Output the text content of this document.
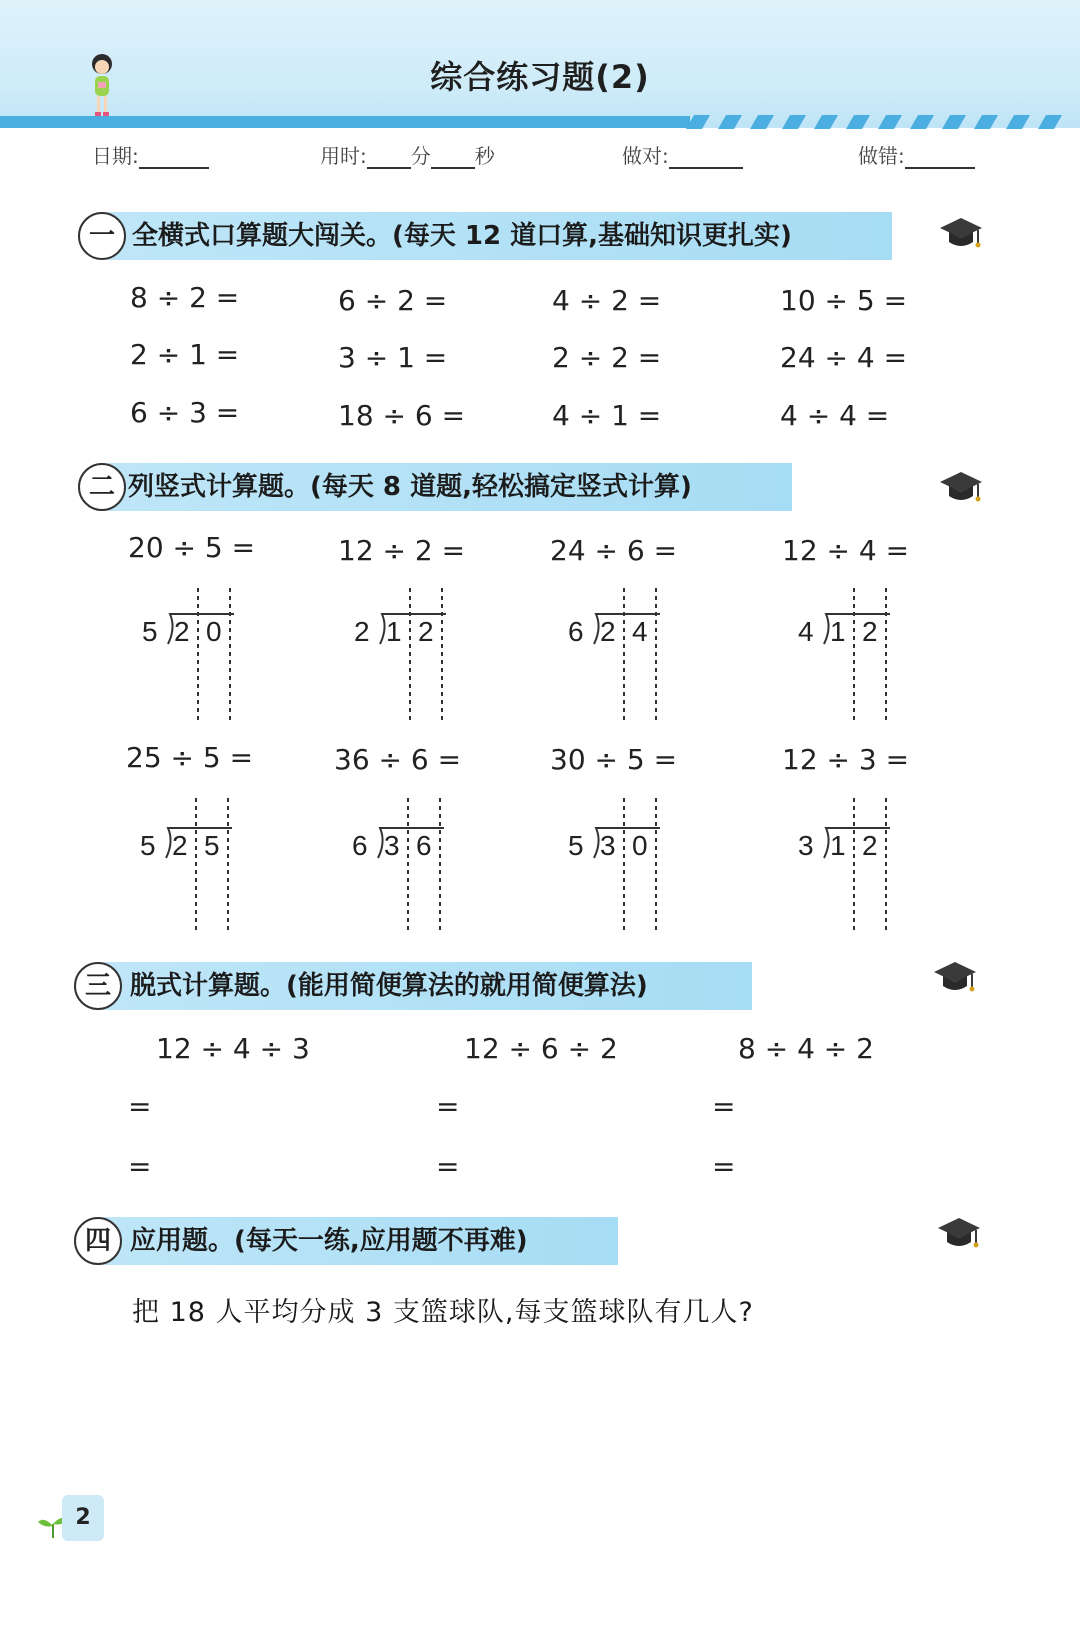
综合练习题(2)
日期:	用时: 分 秒	做对:	做错:
一 全横式口算题大闯关。(每天 12 道口算,基础知识更扎实)
8 ÷ 2 =	6 ÷ 2 =	4 ÷ 2 =	10 ÷ 5 =
2 ÷ 1 =	3 ÷ 1 =	2 ÷ 2 =	24 ÷ 4 =
6 ÷ 3 =	18 ÷ 6 =	4 ÷ 1 =	4 ÷ 4 =
二 列竖式计算题。(每天 8 道题,轻松搞定竖式计算)
20 ÷ 5 =	12 ÷ 2 =	24 ÷ 6 =	12 ÷ 4 =
25 ÷ 5 =	36 ÷ 6 =	30 ÷ 5 =	12 ÷ 3 =
5 2 0	2 1 2	6 2 4	4 1 2
5 2 5	6 3 6	5 3 0	3 1 2
三 脱式计算题。(能用简便算法的就用简便算法)
12 ÷ 4 ÷ 3	12 ÷ 6 ÷ 2	8 ÷ 4 ÷ 2
=	=	=
=	=	=
四 应用题。(每天一练,应用题不再难)
把 18 人平均分成 3 支篮球队,每支篮球队有几人?
2
